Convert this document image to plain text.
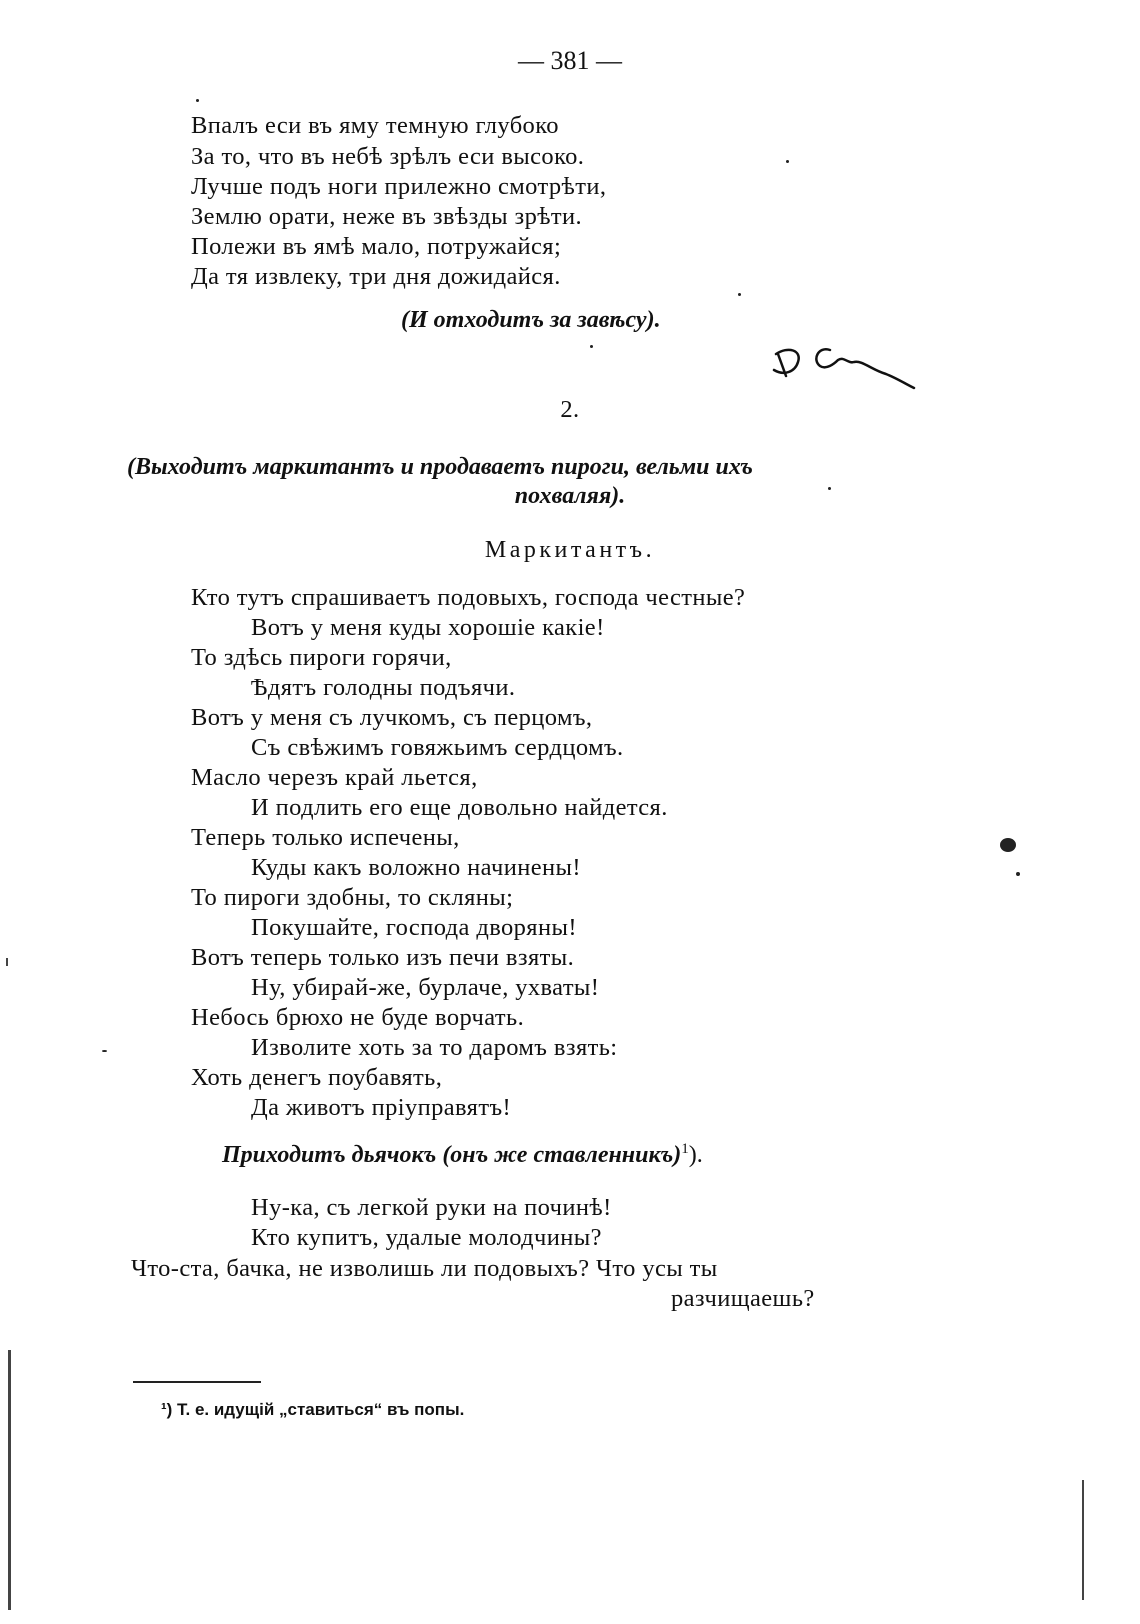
— 381 —
Впалъ еси въ яму темную глубоко
За то, что въ небѣ зрѣлъ еси высоко.
Лучше подъ ноги прилежно смотрѣти,
Землю орати, неже въ звѣзды зрѣти.
Полежи въ ямѣ мало, потружайся;
Да тя извлеку, три дня дожидайся.
(И отходитъ за завѣсу).
2.
(Выходитъ маркитантъ и продаваетъ пироги, вельми ихъ
похваляя).
Маркитантъ.
Кто тутъ спрашиваетъ подовыхъ, господа честные?
Вотъ у меня куды хорошіе какіе!
То здѣсь пироги горячи,
Ѣдятъ голодны подъячи.
Вотъ у меня съ лучкомъ, съ перцомъ,
Съ свѣжимъ говяжьимъ сердцомъ.
Масло черезъ край льется,
И подлить его еще довольно найдется.
Теперь только испечены,
Куды какъ воложно начинены!
То пироги здобны, то скляны;
Покушайте, господа дворяны!
Вотъ теперь только изъ печи взяты.
Ну, убирай-же, бурлаче, ухваты!
Небось брюхо не буде ворчать.
Изволите хоть за то даромъ взять:
Хоть денегъ поубавять,
Да животъ пріуправятъ!
Приходитъ дьячокъ (онъ же ставленникъ)$^1$).
Ну-ка, съ легкой руки на починѣ!
Кто купитъ, удалые молодчины?
Что-ста, бачка, не изволишь ли подовыхъ? Что усы ты
разчищаешь?
¹) Т. е. идущій „ставиться“ въ попы.
